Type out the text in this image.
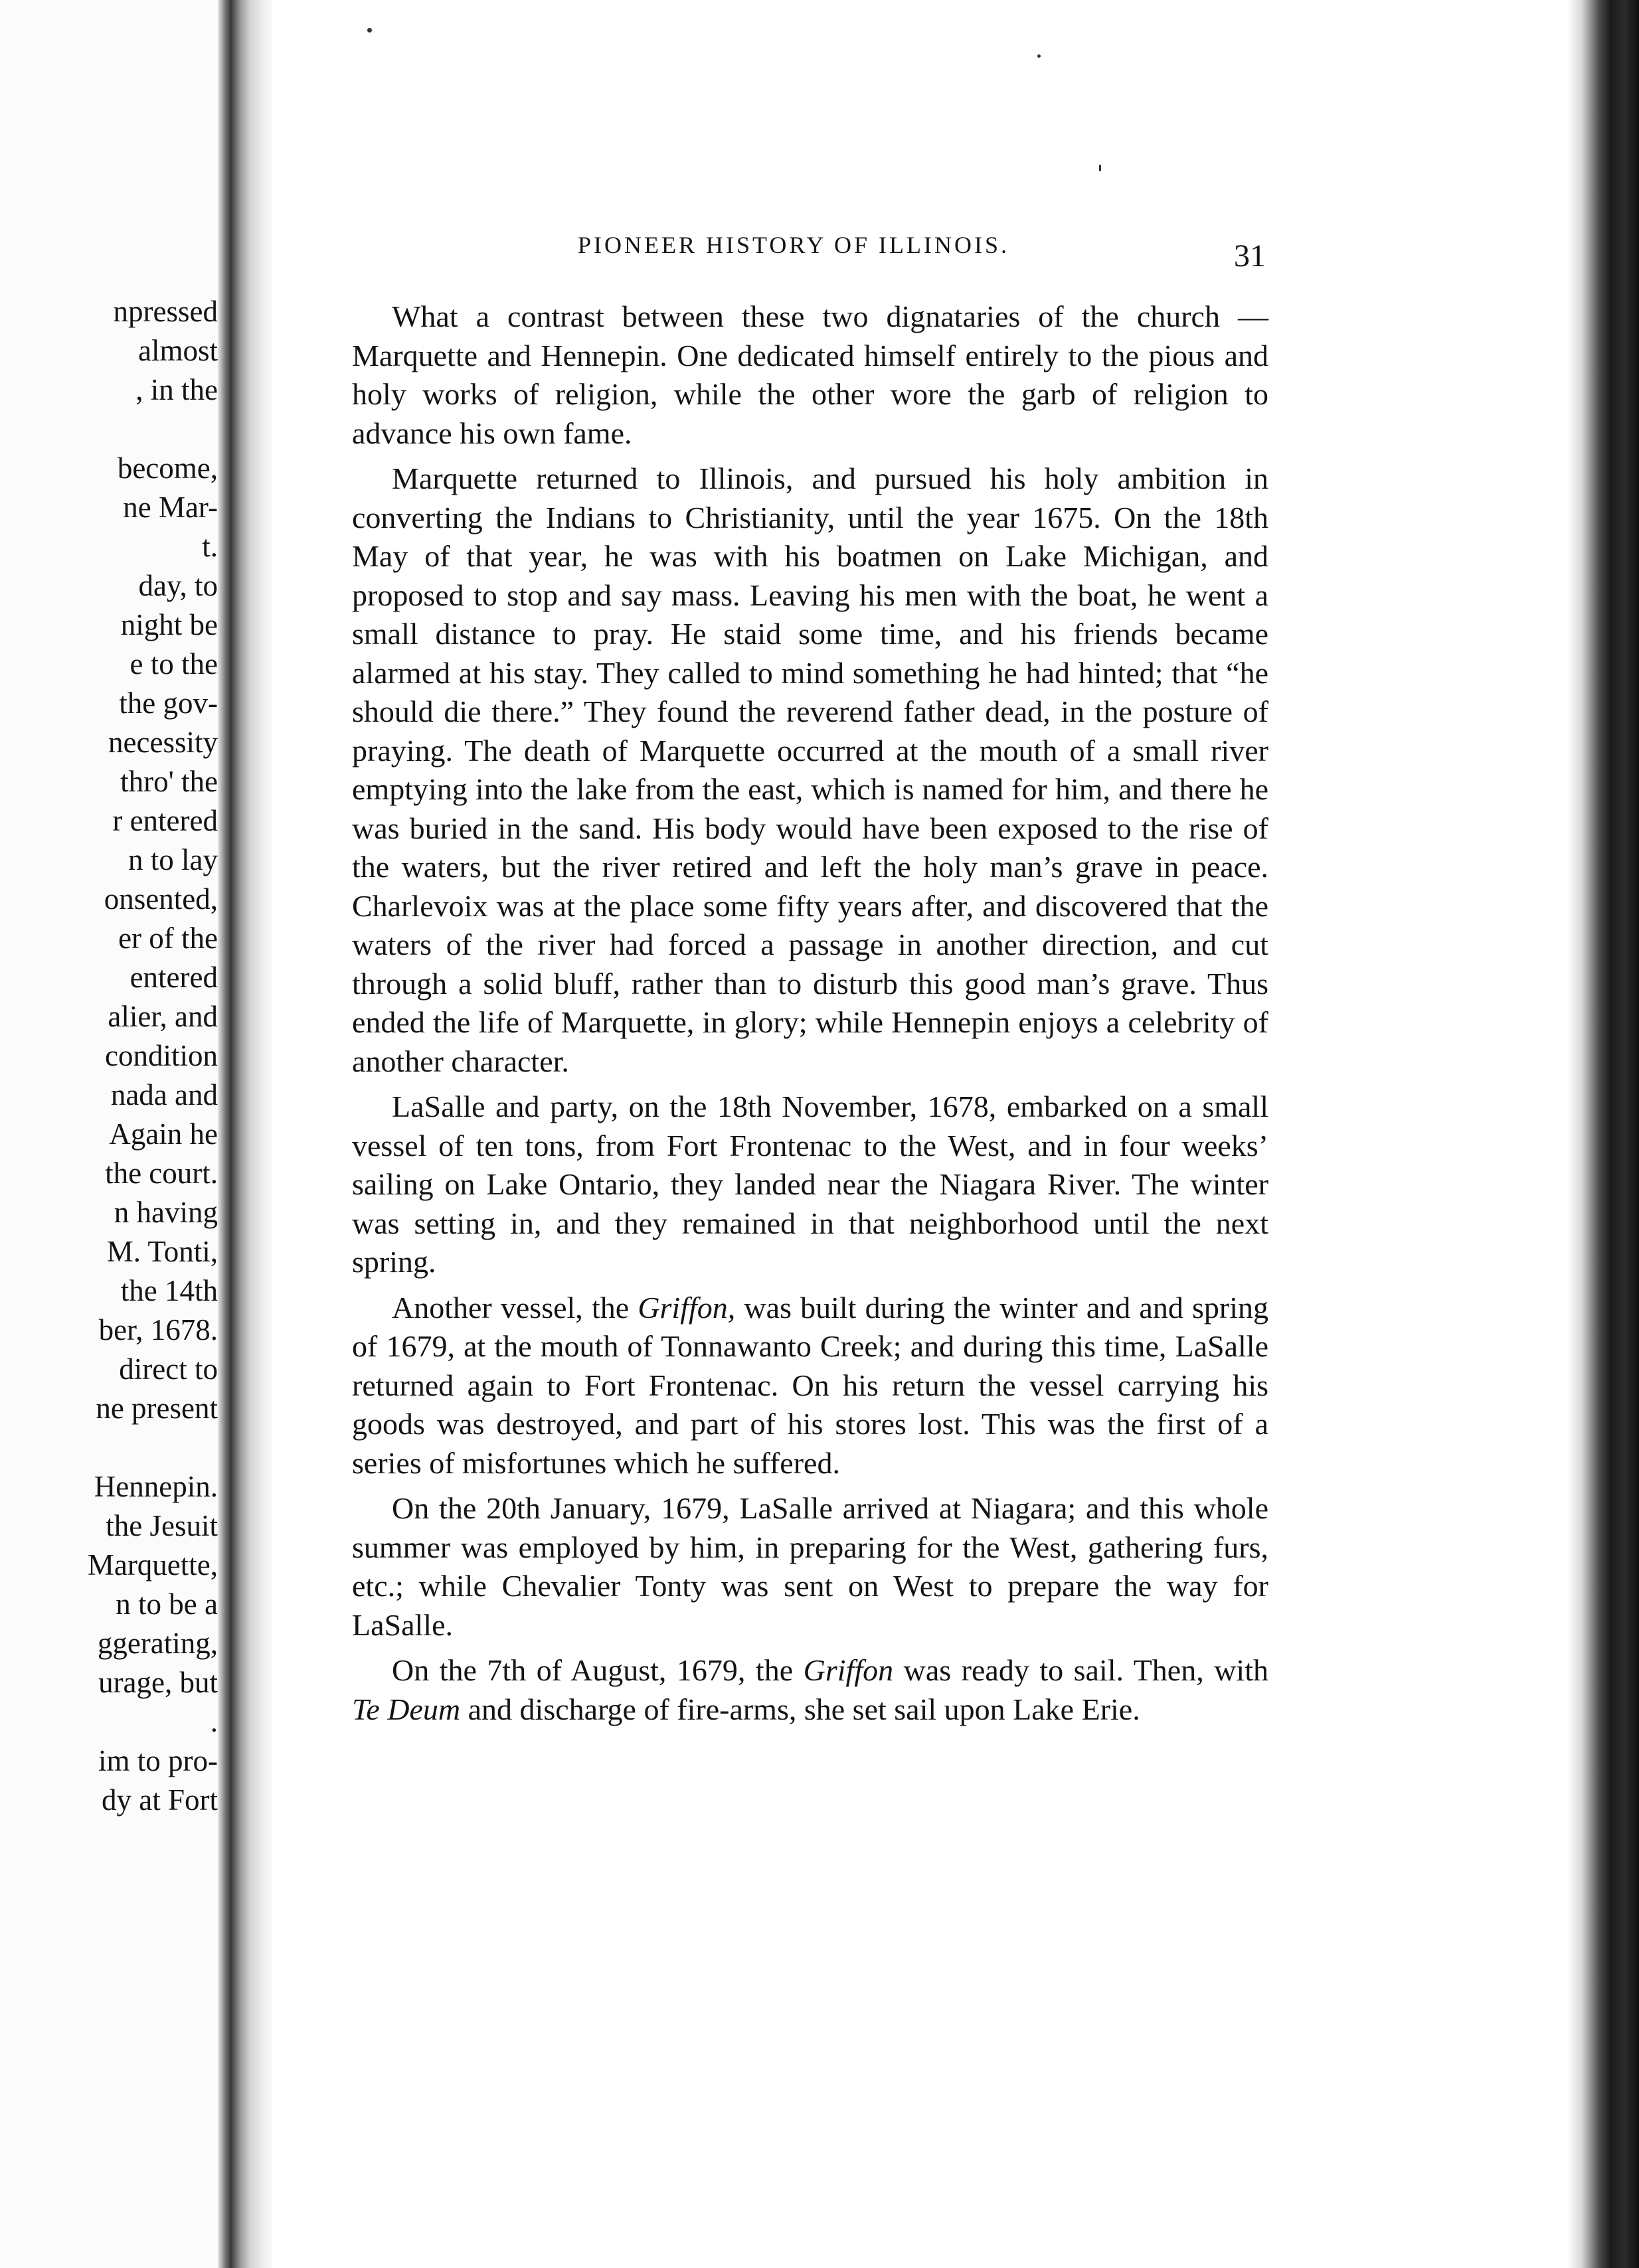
npressed
almost
, in the
become,
ne Mar-
t.
day, to
night be
e to the
the gov-
necessity
thro' the
r entered
n to lay
onsented,
er of the
entered
alier, and
condition
nada and
Again he
the court.
n having
M. Tonti,
the 14th
ber, 1678.
direct to
ne present
Hennepin.
the Jesuit
Marquette,
n to be a
ggerating,
urage, but
.
im to pro-
dy at Fort
PIONEER HISTORY OF ILLINOIS.	31

What a contrast between these two dignataries of the church —Marquette and Hennepin. One dedicated himself entirely to the pious and holy works of religion, while the other wore the garb of religion to advance his own fame.

Marquette returned to Illinois, and pursued his holy ambition in converting the Indians to Christianity, until the year 1675. On the 18th May of that year, he was with his boatmen on Lake Michigan, and proposed to stop and say mass. Leaving his men with the boat, he went a small distance to pray. He staid some time, and his friends became alarmed at his stay. They called to mind something he had hinted; that “he should die there.” They found the reverend father dead, in the posture of praying. The death of Marquette occurred at the mouth of a small river emptying into the lake from the east, which is named for him, and there he was buried in the sand. His body would have been exposed to the rise of the waters, but the river retired and left the holy man’s grave in peace. Charlevoix was at the place some fifty years after, and discovered that the waters of the river had forced a passage in another direction, and cut through a solid bluff, rather than to disturb this good man’s grave. Thus ended the life of Marquette, in glory; while Hennepin enjoys a celebrity of another character.

LaSalle and party, on the 18th November, 1678, embarked on a small vessel of ten tons, from Fort Frontenac to the West, and in four weeks’ sailing on Lake Ontario, they landed near the Niagara River. The winter was setting in, and they remained in that neighborhood until the next spring.

Another vessel, the Griffon, was built during the winter and and spring of 1679, at the mouth of Tonnawanto Creek; and during this time, LaSalle returned again to Fort Frontenac. On his return the vessel carrying his goods was destroyed, and part of his stores lost. This was the first of a series of misfortunes which he suffered.

On the 20th January, 1679, LaSalle arrived at Niagara; and this whole summer was employed by him, in preparing for the West, gathering furs, etc.; while Chevalier Tonty was sent on West to prepare the way for LaSalle.

On the 7th of August, 1679, the Griffon was ready to sail. Then, with Te Deum and discharge of fire-arms, she set sail upon Lake Erie.
